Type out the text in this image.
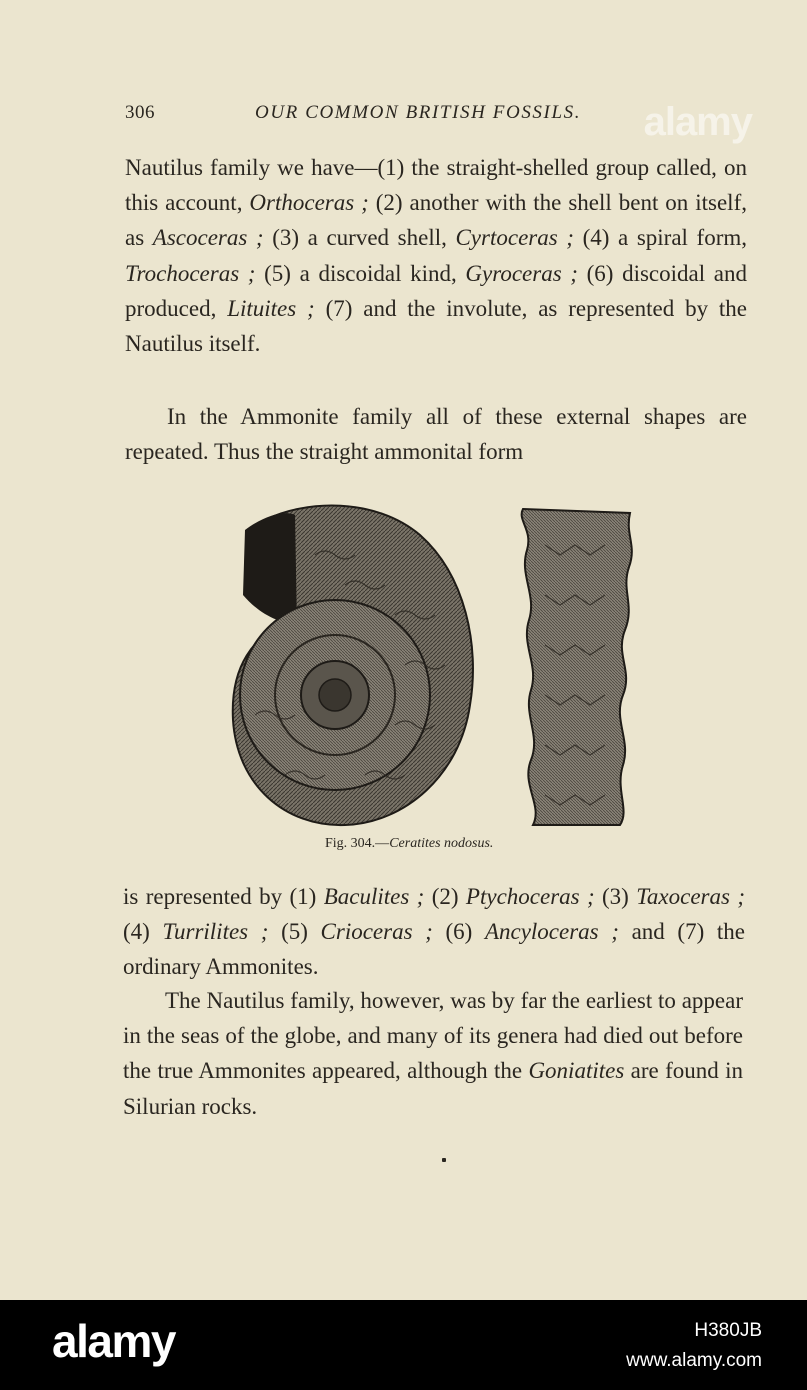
306	OUR COMMON BRITISH FOSSILS. alamy

Nautilus family we have—(1) the straight-shelled group called, on this account, Orthoceras ; (2) another with the shell bent on itself, as Ascoceras ; (3) a curved shell, Cyrtoceras ; (4) a spiral form, Trochoceras ; (5) a discoidal kind, Gyroceras ; (6) discoidal and produced, Lituites ; (7) and the involute, as represented by the Nautilus itself.

In the Ammonite family all of these external shapes are repeated. Thus the straight ammonital form

Fig. 304.—Ceratites nodosus.

is represented by (1) Baculites ; (2) Ptychoceras ; (3) Taxoceras ; (4) Turrilites ; (5) Crioceras ; (6) Ancyloceras ; and (7) the ordinary Ammonites.

The Nautilus family, however, was by far the earliest to appear in the seas of the globe, and many of its genera had died out before the true Ammonites appeared, although the Goniatites are found in Silurian rocks.

alamy	H380JB
www.alamy.com
